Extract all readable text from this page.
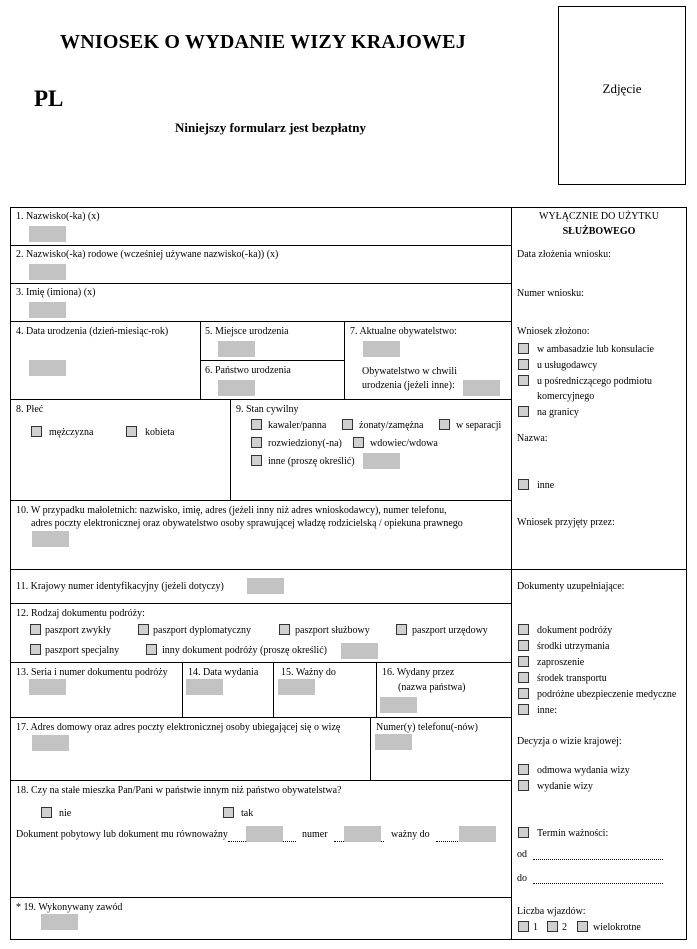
WNIOSEK O WYDANIE WIZY KRAJOWEJ
PL
Niniejszy formularz jest bezpłatny
Zdjęcie
1. Nazwisko(-ka) (x)
2. Nazwisko(-ka) rodowe (wcześniej używane nazwisko(-ka)) (x)
3. Imię (imiona) (x)
4. Data urodzenia (dzień-miesiąc-rok)	5. Miejsce urodzenia
6. Państwo urodzenia
7. Aktualne obywatelstwo:
Obywatelstwo w chwili
urodzenia (jeżeli inne):
8. Płeć
mężczyzna	kobieta
9. Stan cywilny
kawaler/panna	żonaty/zamężna	w separacji
rozwiedziony(-na)	wdowiec/wdowa
inne (proszę określić)
10. W przypadku małoletnich: nazwisko, imię, adres (jeżeli inny niż adres wnioskodawcy), numer telefonu,
adres poczty elektronicznej oraz obywatelstwo osoby sprawującej władzę rodzicielską / opiekuna prawnego
11. Krajowy numer identyfikacyjny (jeżeli dotyczy)
12. Rodzaj dokumentu podróży:
paszport zwykły	paszport dyplomatyczny	paszport służbowy	paszport urzędowy
paszport specjalny	inny dokument podróży (proszę określić)
13. Seria i numer dokumentu podróży 14. Data wydania 15. Ważny do	16. Wydany przez
(nazwa państwa)
17. Adres domowy oraz adres poczty elektronicznej osoby ubiegającej się o wizę	Numer(y) telefonu(-nów)
18. Czy na stałe mieszka Pan/Pani w państwie innym niż państwo obywatelstwa?
nie	tak
Dokument pobytowy lub dokument mu równoważny	numer	ważny do
* 19. Wykonywany zawód
WYŁĄCZNIE DO UŻYTKU
SŁUŻBOWEGO
Data złożenia wniosku:
Numer wniosku:
Wniosek złożono:
w ambasadzie lub konsulacie
u usługodawcy
u pośredniczącego podmiotu
komercyjnego
na granicy
Nazwa:
inne
Wniosek przyjęty przez:
Dokumenty uzupełniające:
dokument podróży
środki utrzymania
zaproszenie
środek transportu
podróżne ubezpieczenie medyczne
inne:
Decyzja o wizie krajowej:
odmowa wydania wizy
wydanie wizy
Termin ważności:
od
do
Liczba wjazdów:
1 2	wielokrotne
